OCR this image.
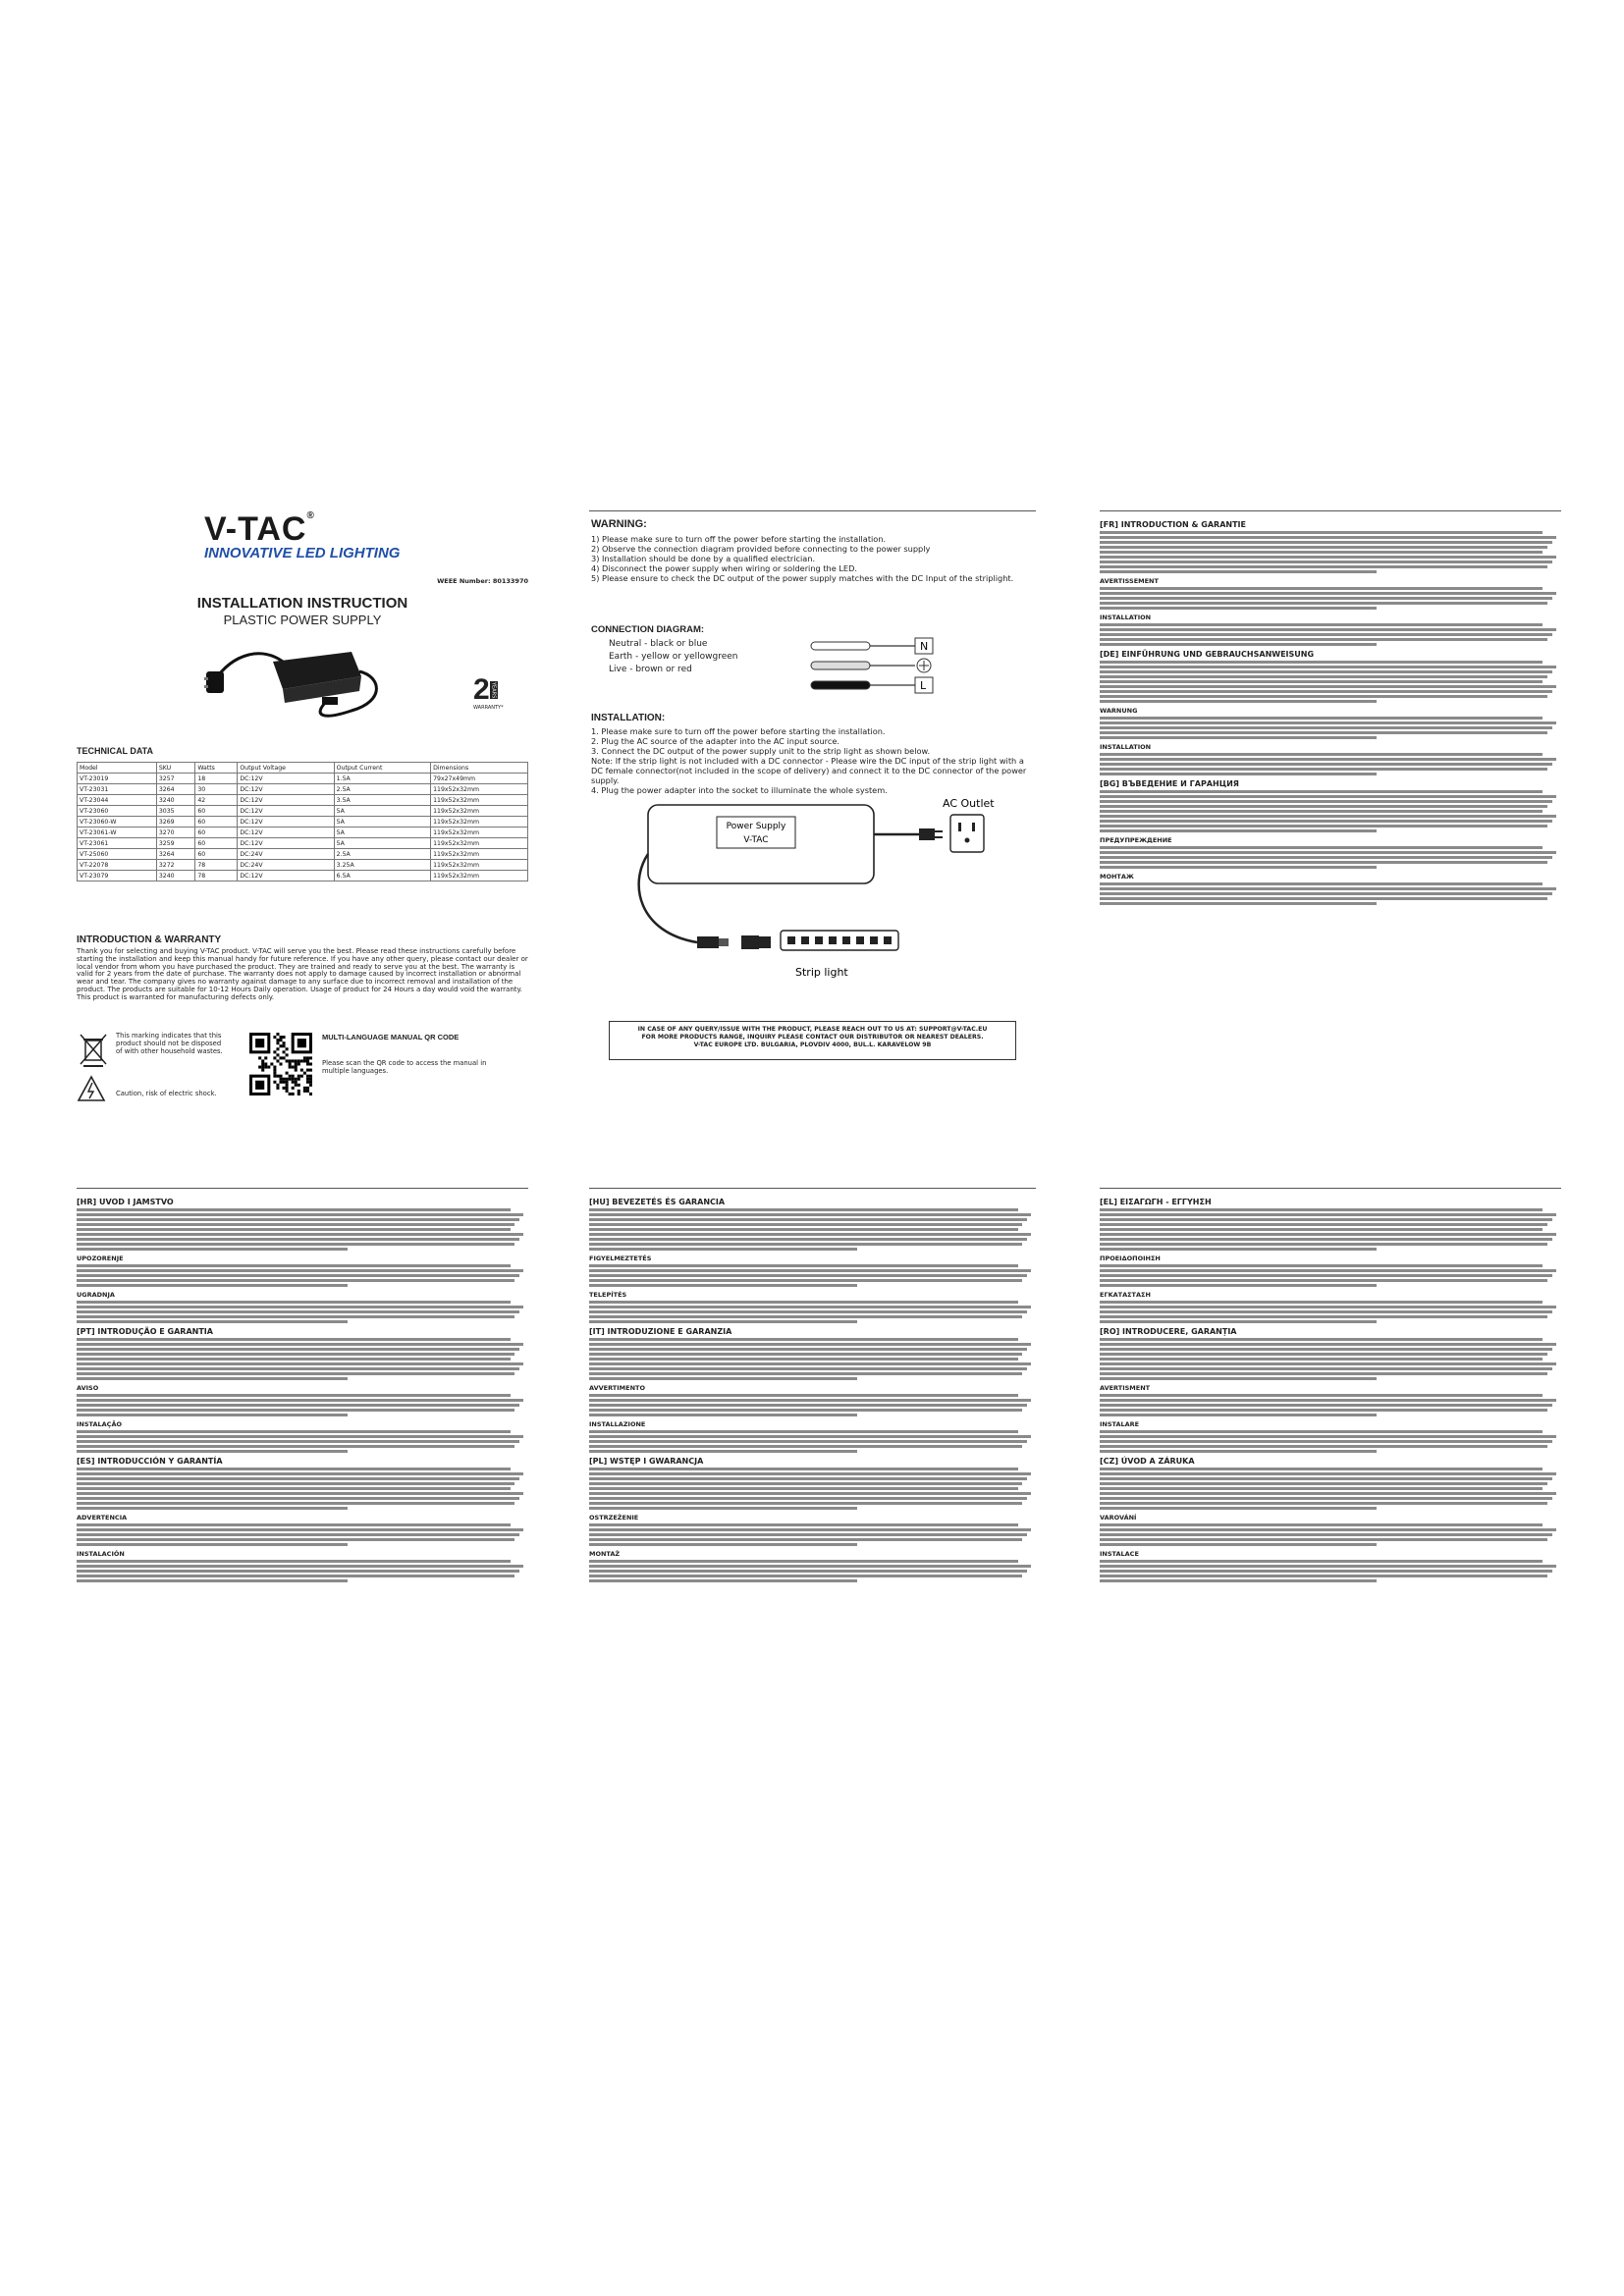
V-TAC®
INNOVATIVE LED LIGHTING
WEEE Number: 80133970
INSTALLATION INSTRUCTION
PLASTIC POWER SUPPLY
2 YEARS
WARRANTY*
TECHNICAL DATA
Model	SKU	Watts	Output Voltage	Output Current	Dimensions
VT-23019	3257	18	DC:12V	1.5A	79x27x49mm
VT-23031	3264	30	DC:12V	2.5A	119x52x32mm
VT-23044	3240	42	DC:12V	3.5A	119x52x32mm
VT-23060	3035	60	DC:12V	5A	119x52x32mm
VT-23060-W	3269	60	DC:12V	5A	119x52x32mm
VT-23061-W	3270	60	DC:12V	5A	119x52x32mm
VT-23061	3259	60	DC:12V	5A	119x52x32mm
VT-25060	3264	60	DC:24V	2.5A	119x52x32mm
VT-22078	3272	78	DC:24V	3.25A	119x52x32mm
VT-23079	3240	78	DC:12V	6.5A	119x52x32mm
INTRODUCTION & WARRANTY
Thank you for selecting and buying V-TAC product. V-TAC will serve you the best. Please read these instructions carefully before starting the installation and keep this manual handy for future reference. If you have any other query, please contact our dealer or local vendor from whom you have purchased the product. They are trained and ready to serve you at the best. The warranty is valid for 2 years from the date of purchase. The warranty does not apply to damage caused by incorrect installation or abnormal wear and tear. The company gives no warranty against damage to any surface due to incorrect removal and installation of the product. The products are suitable for 10-12 Hours Daily operation. Usage of product for 24 Hours a day would void the warranty. This product is warranted for manufacturing defects only.
This marking indicates that this product should not be disposed of with other household wastes.
Caution, risk of electric shock.
MULTI-LANGUAGE MANUAL QR CODE
Please scan the QR code to access the manual in multiple languages.
WARNING:
1) Please make sure to turn off the power before starting the installation.
2) Observe the connection diagram provided before connecting to the power supply
3) Installation should be done by a qualified electrician.
4) Disconnect the power supply when wiring or soldering the LED.
5) Please ensure to check the DC output of the power supply matches with the DC Input of the striplight.
CONNECTION DIAGRAM:
Neutral - black or blue
Earth - yellow or yellowgreen
Live - brown or red
N
L
INSTALLATION:
1. Please make sure to turn off the power before starting the installation.
2. Plug the AC source of the adapter into the AC input source.
3. Connect the DC output of the power supply unit to the strip light as shown below.
Note: If the strip light is not included with a DC connector - Please wire the DC input of the strip light with a DC female connector(not included in the scope of delivery) and connect it to the DC connector of the power supply.
4. Plug the power adapter into the socket to illuminate the whole system.
Power Supply
V-TAC
AC Outlet
Strip light
IN CASE OF ANY QUERY/ISSUE WITH THE PRODUCT, PLEASE REACH OUT TO US AT: SUPPORT@V-TAC.EU
FOR MORE PRODUCTS RANGE, INQUIRY PLEASE CONTACT OUR DISTRIBUTOR OR NEAREST DEALERS.
V-TAC EUROPE LTD. BULGARIA, PLOVDIV 4000, BUL.L. KARAVELOW 9B
[FR] INTRODUCTION & GARANTIE
AVERTISSEMENT
INSTALLATION
[DE] EINFÜHRUNG UND GEBRAUCHSANWEISUNG
WARNUNG
INSTALLATION
[BG] ВЪВЕДЕНИЕ И ГАРАНЦИЯ
ПРЕДУПРЕЖДЕНИЕ
МОНТАЖ
[HR] UVOD I JAMSTVO
UPOZORENJE
UGRADNJA
[PT] INTRODUÇÃO E GARANTIA
AVISO
INSTALAÇÃO
[ES] INTRODUCCIÓN Y GARANTÍA
ADVERTENCIA
INSTALACIÓN
[HU] BEVEZETÉS ÉS GARANCIA
FIGYELMEZTETÉS
TELEPÍTÉS
[IT] INTRODUZIONE E GARANZIA
AVVERTIMENTO
INSTALLAZIONE
[PL] WSTĘP I GWARANCJA
OSTRZEŻENIE
MONTAŻ
[EL] ΕΙΣΑΓΩΓΗ - ΕΓΓΥΗΣΗ
ΠΡΟΕΙΔΟΠΟΙΗΣΗ
ΕΓΚΑΤΑΣΤΑΣΗ
[RO] INTRODUCERE, GARANȚIA
AVERTISMENT
INSTALARE
[CZ] ÚVOD A ZÁRUKA
VAROVÁNÍ
INSTALACE
